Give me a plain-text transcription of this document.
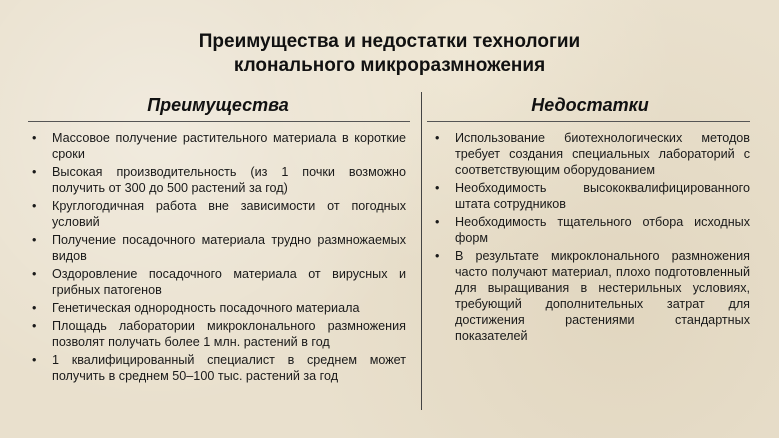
Преимущества и недостатки технологии
клонального микроразмножения
Преимущества	Недостатки
•	Массовое получение растительного материала в короткие сроки
•	Высокая производительность (из 1 почки возможно получить от 300 до 500 растений за год)
•	Круглогодичная работа вне зависимости от погодных условий
•	Получение посадочного материала трудно размножаемых видов
•	Оздоровление посадочного материала от вирусных и грибных патогенов
•	Генетическая однородность посадочного материала
•	Площадь лаборатории микроклонального размножения позволят получать более 1 млн. растений в год
•	1 квалифицированный специалист в среднем может получить в среднем 50–100 тыс. растений за год
•	Использование биотехнологических методов требует создания специальных лабораторий с соответствующим оборудованием
•	Необходимость высококвалифицированного штата сотрудников
•	Необходимость тщательного отбора исходных форм
•	В результате микроклонального размножения часто получают материал, плохо подготовленный для выращивания в нестерильных условиях, требующий дополнительных затрат для достижения растениями стандартных показателей
